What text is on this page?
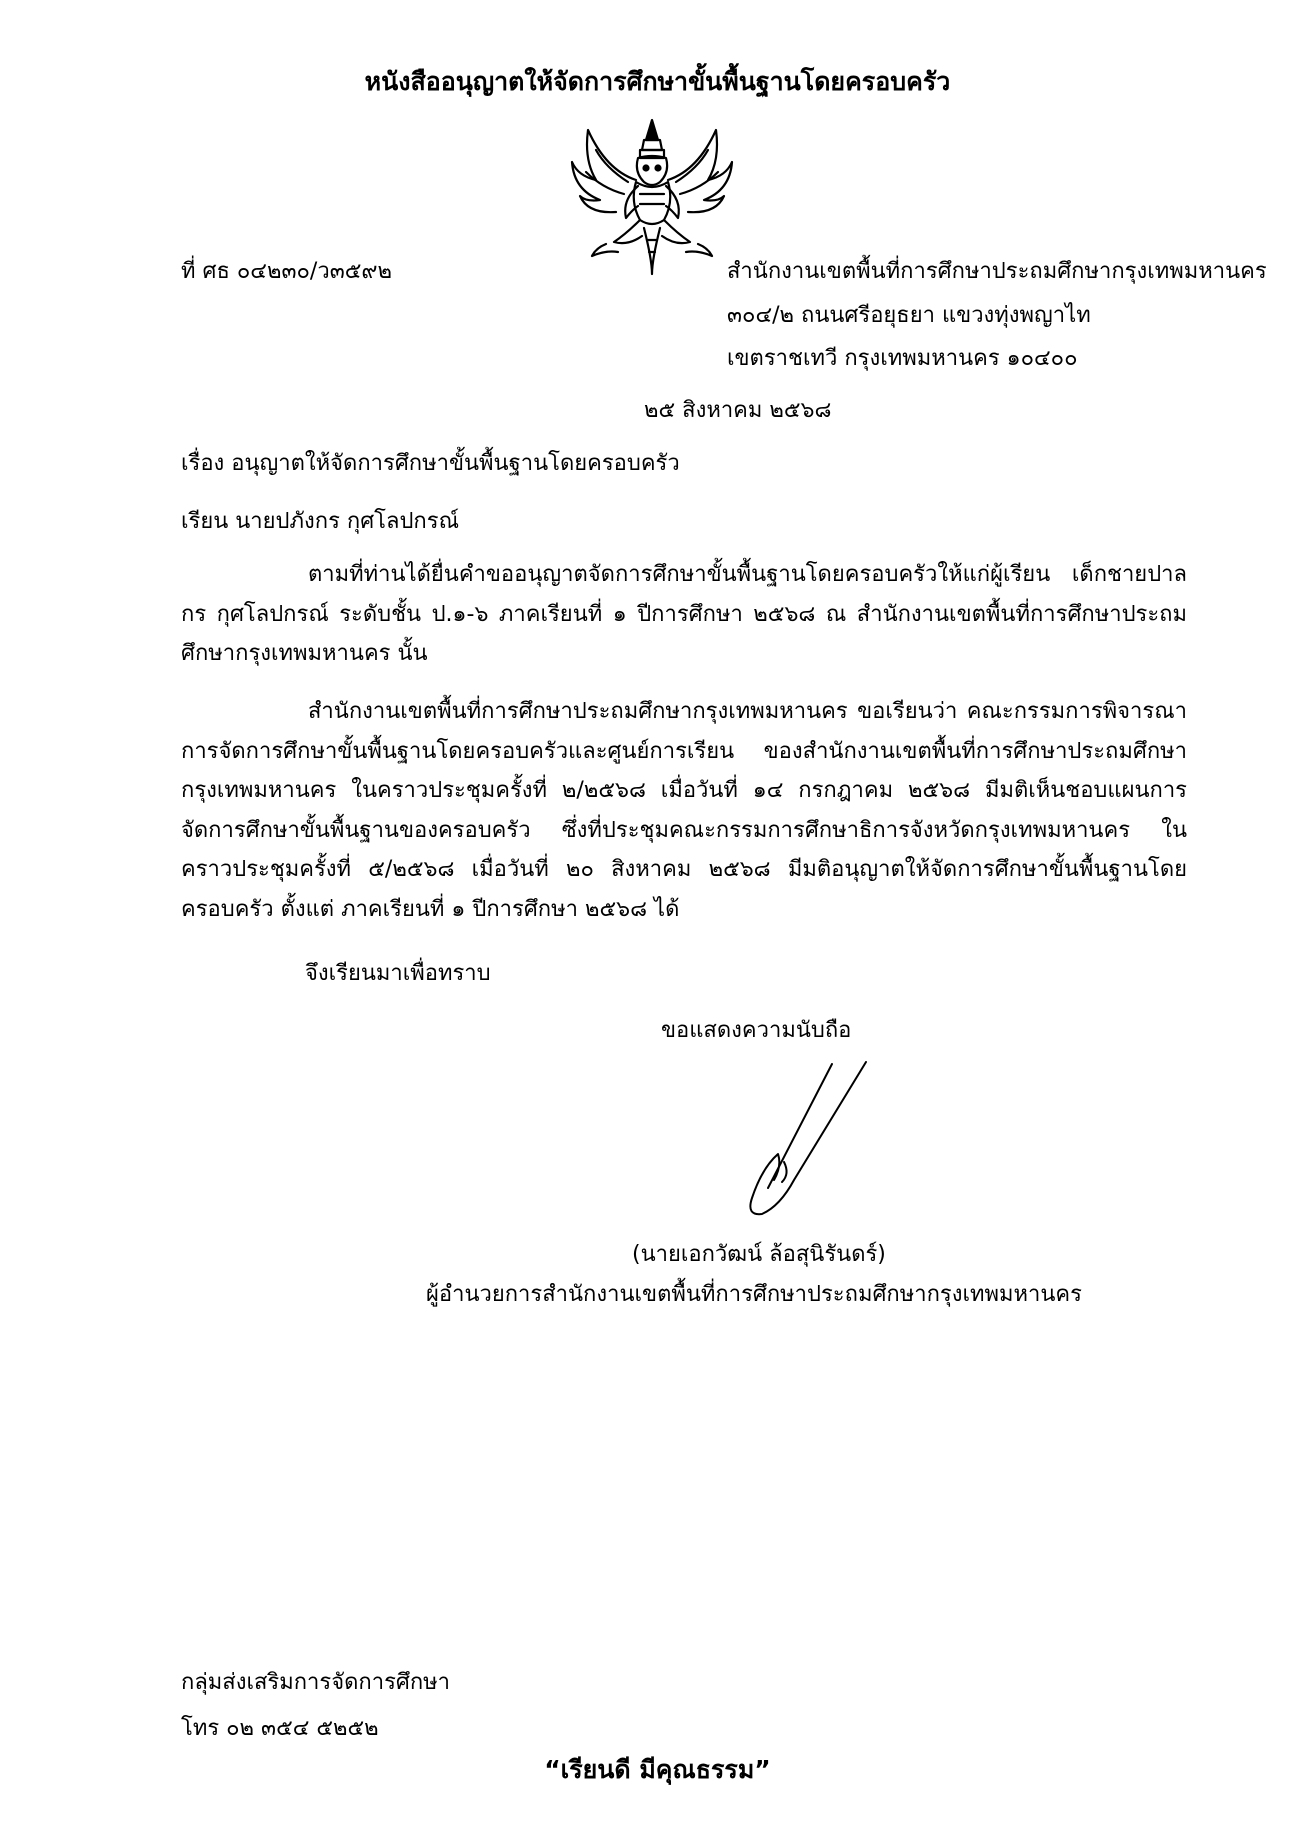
หนังสืออนุญาตให้จัดการศึกษาขั้นพื้นฐานโดยครอบครัว
ที่ ศธ ๐๔๒๓๐/ว๓๕๙๒	สำนักงานเขตพื้นที่การศึกษาประถมศึกษากรุงเทพมหานคร
๓๐๔/๒ ถนนศรีอยุธยา แขวงทุ่งพญาไท
เขตราชเทวี กรุงเทพมหานคร ๑๐๔๐๐
๒๕ สิงหาคม ๒๕๖๘
เรื่อง อนุญาตให้จัดการศึกษาขั้นพื้นฐานโดยครอบครัว
เรียน นายปภังกร กุศโลปกรณ์
ตามที่ท่านได้ยื่นคำขออนุญาตจัดการศึกษาขั้นพื้นฐานโดยครอบครัวให้แก่ผู้เรียน เด็กชายปาลกร กุศโลปกรณ์ ระดับชั้น ป.๑-๖ ภาคเรียนที่ ๑ ปีการศึกษา ๒๕๖๘ ณ สำนักงานเขตพื้นที่การศึกษาประถมศึกษากรุงเทพมหานคร นั้น
สำนักงานเขตพื้นที่การศึกษาประถมศึกษากรุงเทพมหานคร ขอเรียนว่า คณะกรรมการพิจารณาการจัดการศึกษาขั้นพื้นฐานโดยครอบครัวและศูนย์การเรียน ของสำนักงานเขตพื้นที่การศึกษาประถมศึกษากรุงเทพมหานคร ในคราวประชุมครั้งที่ ๒/๒๕๖๘ เมื่อวันที่ ๑๔ กรกฎาคม ๒๕๖๘ มีมติเห็นชอบแผนการจัดการศึกษาขั้นพื้นฐานของครอบครัว ซึ่งที่ประชุมคณะกรรมการศึกษาธิการจังหวัดกรุงเทพมหานคร ในคราวประชุมครั้งที่ ๕/๒๕๖๘ เมื่อวันที่ ๒๐ สิงหาคม ๒๕๖๘ มีมติอนุญาตให้จัดการศึกษาขั้นพื้นฐานโดยครอบครัว ตั้งแต่ ภาคเรียนที่ ๑ ปีการศึกษา ๒๕๖๘ ได้
จึงเรียนมาเพื่อทราบ
ขอแสดงความนับถือ
(นายเอกวัฒน์ ล้อสุนิรันดร์)
ผู้อำนวยการสำนักงานเขตพื้นที่การศึกษาประถมศึกษากรุงเทพมหานคร
กลุ่มส่งเสริมการจัดการศึกษา
โทร ๐๒ ๓๕๔ ๕๒๕๒
“เรียนดี มีคุณธรรม”
